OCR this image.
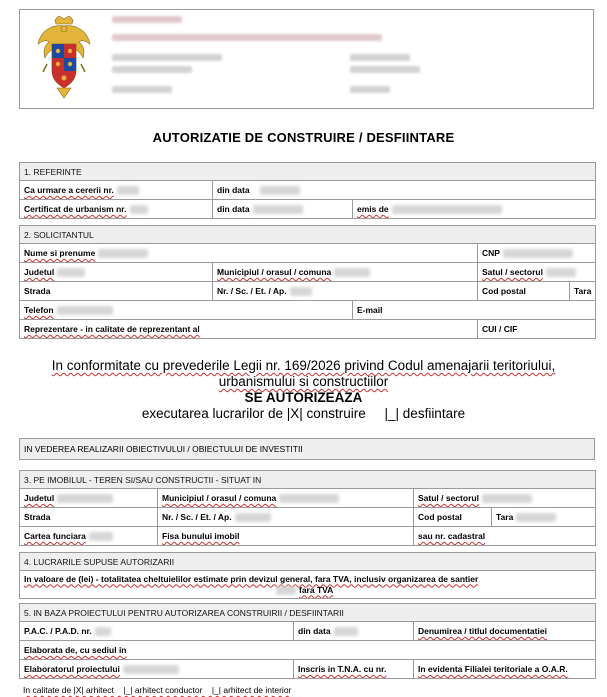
AUTORIZATIE DE CONSTRUIRE / DESFIINTARE
1. REFERINTE				
Ca urmare a cererii nr.	din data			
Certificat de urbanism nr.	din data	emis de		

2. SOLICITANTUL				
Nume si prenume			CNP	
Judetul	Municipiul / orasul / comuna		Satul / sectorul	
Strada	Nr. / Sc. / Et. / Ap.		Cod postal	Tara
Telefon		E-mail		
Reprezentare - in calitate de reprezentant al			CUI / CIF	
In conformitate cu prevederile Legii nr. 169/2026 privind Codul amenajarii teritoriului,
urbanismului si constructiilor
SE AUTORIZEAZA
executarea lucrarilor de |X| construire     |_| desfiintare
IN VEDEREA REALIZARII OBIECTIVULUI / OBIECTULUI DE INVESTITII
3. PE IMOBILUL - TEREN SI/SAU CONSTRUCTII - SITUAT IN				
Judetul	Municipiul / orasul / comuna		Satul / sectorul	
Strada	Nr. / Sc. / Et. / Ap.		Cod postal	Tara
Cartea funciara	Fisa bunului imobil		sau nr. cadastral	

4. LUCRARILE SUPUSE AUTORIZARII				

In valoare de (lei) - totalitatea cheltuielilor estimate prin devizul general, fara TVA, inclusiv organizarea de santier
fara TVA				

5. IN BAZA PROIECTULUI PENTRU AUTORIZAREA CONSTRUIRII / DESFIINTARII				
P.A.C. / P.A.D. nr.		din data	Denumirea / titlul documentatiei	
Elaborata de, cu sediul in				
Elaboratorul proiectului		Inscris in T.N.A. cu nr.	In evidenta Filialei teritoriale a O.A.R.	
In calitate de |X| arhitect    |_| arhitect conductor    |_| arhitect de interior
